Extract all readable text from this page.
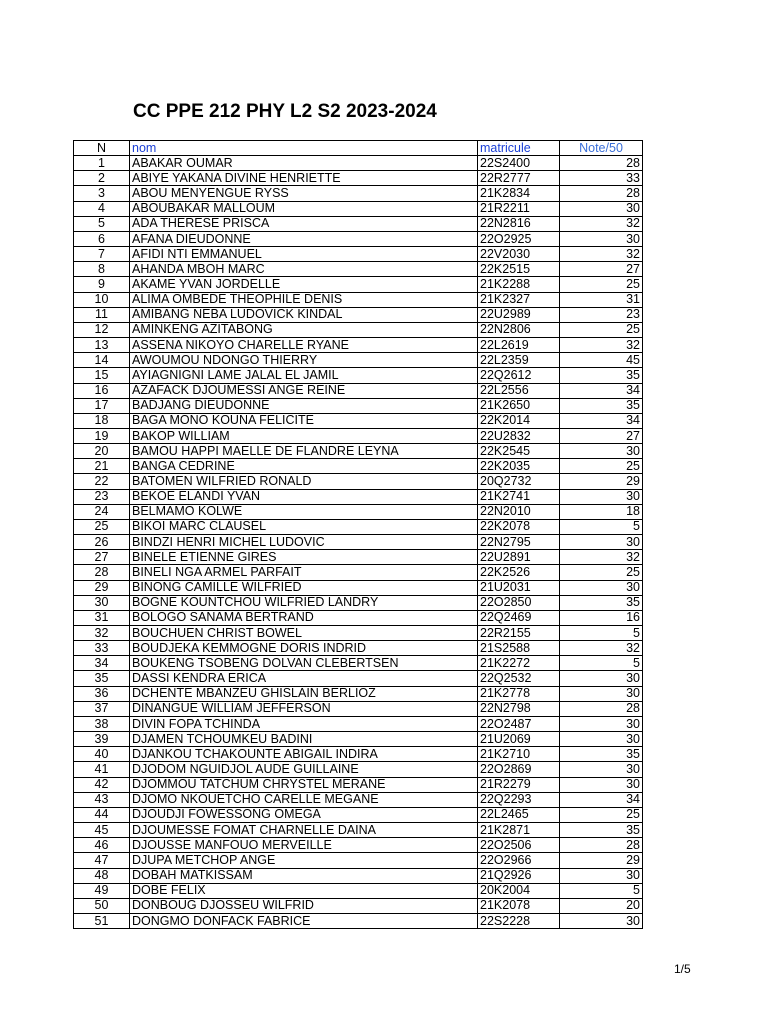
CC PPE 212 PHY L2 S2 2023-2024
N	nom	matricule	Note/50
1	ABAKAR OUMAR	22S2400	28
2	ABIYE YAKANA DIVINE HENRIETTE	22R2777	33
3	ABOU MENYENGUE RYSS	21K2834	28
4	ABOUBAKAR MALLOUM	21R2211	30
5	ADA THERESE PRISCA	22N2816	32
6	AFANA DIEUDONNE	22O2925	30
7	AFIDI NTI EMMANUEL	22V2030	32
8	AHANDA MBOH MARC	22K2515	27
9	AKAME YVAN JORDELLE	21K2288	25
10	ALIMA OMBEDE THEOPHILE DENIS	21K2327	31
11	AMIBANG NEBA LUDOVICK KINDAL	22U2989	23
12	AMINKENG AZITABONG	22N2806	25
13	ASSENA NIKOYO CHARELLE RYANE	22L2619	32
14	AWOUMOU NDONGO THIERRY	22L2359	45
15	AYIAGNIGNI LAME JALAL EL JAMIL	22Q2612	35
16	AZAFACK DJOUMESSI ANGE REINE	22L2556	34
17	BADJANG DIEUDONNE	21K2650	35
18	BAGA MONO KOUNA FELICITE	22K2014	34
19	BAKOP WILLIAM	22U2832	27
20	BAMOU HAPPI MAELLE DE FLANDRE LEYNA	22K2545	30
21	BANGA CEDRINE	22K2035	25
22	BATOMEN WILFRIED RONALD	20Q2732	29
23	BEKOE ELANDI YVAN	21K2741	30
24	BELMAMO KOLWE	22N2010	18
25	BIKOI MARC CLAUSEL	22K2078	5
26	BINDZI HENRI MICHEL LUDOVIC	22N2795	30
27	BINELE ETIENNE GIRES	22U2891	32
28	BINELI NGA ARMEL PARFAIT	22K2526	25
29	BINONG CAMILLE WILFRIED	21U2031	30
30	BOGNE KOUNTCHOU WILFRIED LANDRY	22O2850	35
31	BOLOGO SANAMA BERTRAND	22Q2469	16
32	BOUCHUEN CHRIST BOWEL	22R2155	5
33	BOUDJEKA KEMMOGNE DORIS INDRID	21S2588	32
34	BOUKENG TSOBENG DOLVAN CLEBERTSEN	21K2272	5
35	DASSI KENDRA ERICA	22Q2532	30
36	DCHENTE MBANZEU GHISLAIN BERLIOZ	21K2778	30
37	DINANGUE WILLIAM JEFFERSON	22N2798	28
38	DIVIN FOPA TCHINDA	22O2487	30
39	DJAMEN TCHOUMKEU BADINI	21U2069	30
40	DJANKOU TCHAKOUNTE ABIGAIL INDIRA	21K2710	35
41	DJODOM NGUIDJOL AUDE GUILLAINE	22O2869	30
42	DJOMMOU TATCHUM CHRYSTEL MERANE	21R2279	30
43	DJOMO NKOUETCHO CARELLE MEGANE	22Q2293	34
44	DJOUDJI FOWESSONG OMEGA	22L2465	25
45	DJOUMESSE FOMAT CHARNELLE DAINA	21K2871	35
46	DJOUSSE MANFOUO MERVEILLE	22O2506	28
47	DJUPA METCHOP ANGE	22O2966	29
48	DOBAH MATKISSAM	21Q2926	30
49	DOBE FELIX	20K2004	5
50	DONBOUG DJOSSEU WILFRID	21K2078	20
51	DONGMO DONFACK FABRICE	22S2228	30
1/5
